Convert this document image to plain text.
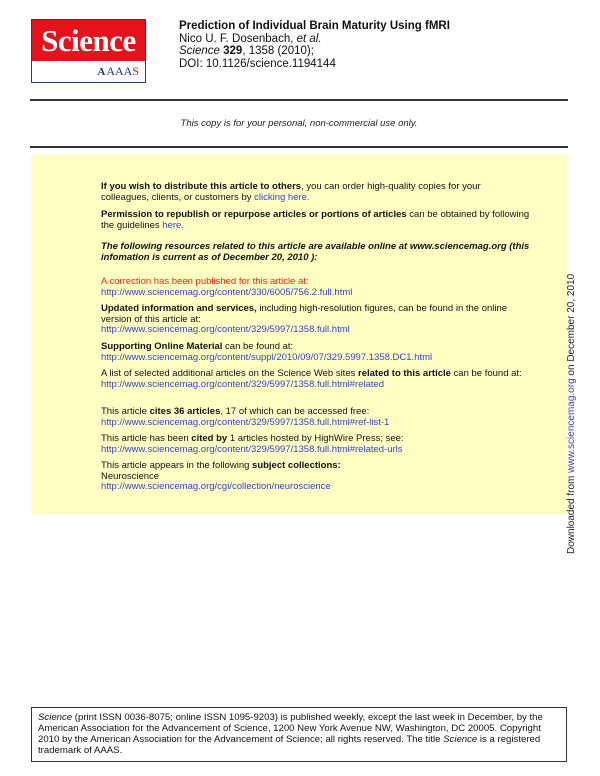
Science
AAAAS
Prediction of Individual Brain Maturity Using fMRI
Nico U. F. Dosenbach, et al.
Science 329, 1358 (2010);
DOI: 10.1126/science.1194144
This copy is for your personal, non-commercial use only.
If you wish to distribute this article to others, you can order high-quality copies for your colleagues, clients, or customers by clicking here.
Permission to republish or repurpose articles or portions of articles can be obtained by following the guidelines here.
The following resources related to this article are available online at www.sciencemag.org (this infomation is current as of December 20, 2010 ):
A correction has been published for this article at:
http://www.sciencemag.org/content/330/6005/756.2.full.html
Updated information and services, including high-resolution figures, can be found in the online version of this article at:
http://www.sciencemag.org/content/329/5997/1358.full.html
Supporting Online Material can be found at:
http://www.sciencemag.org/content/suppl/2010/09/07/329.5997.1358.DC1.html
A list of selected additional articles on the Science Web sites related to this article can be found at:
http://www.sciencemag.org/content/329/5997/1358.full.html#related
This article cites 36 articles, 17 of which can be accessed free:
http://www.sciencemag.org/content/329/5997/1358.full.html#ref-list-1
This article has been cited by 1 articles hosted by HighWire Press; see:
http://www.sciencemag.org/content/329/5997/1358.full.html#related-urls
This article appears in the following subject collections:
Neuroscience
http://www.sciencemag.org/cgi/collection/neuroscience	Downloaded from www.sciencemag.org on December 20, 2010
Science (print ISSN 0036-8075; online ISSN 1095-9203) is published weekly, except the last week in December, by the American Association for the Advancement of Science, 1200 New York Avenue NW, Washington, DC 20005. Copyright 2010 by the American Association for the Advancement of Science; all rights reserved. The title Science is a registered trademark of AAAS.
